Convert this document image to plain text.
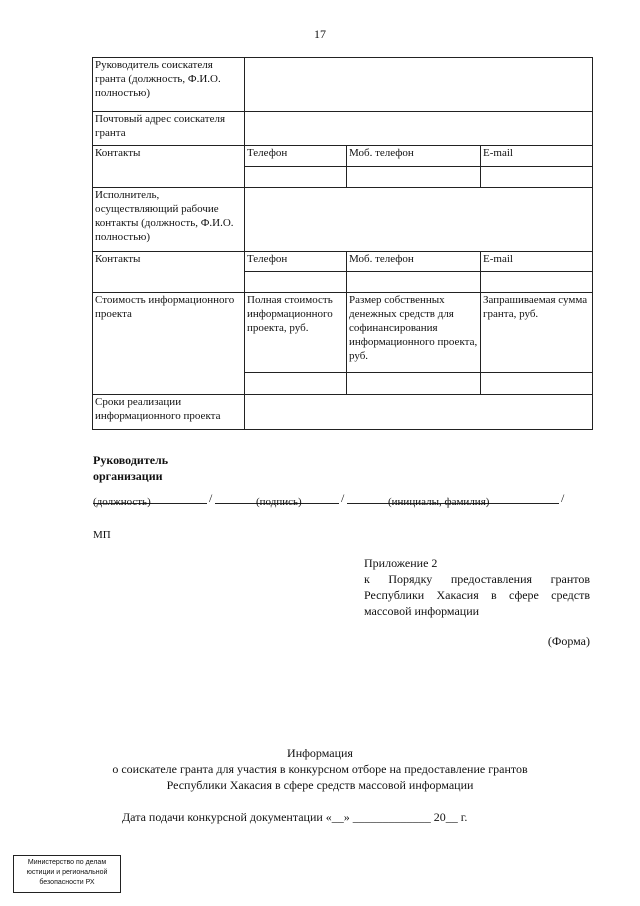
17
Руководитель соискателя гранта (должность, Ф.И.О. полностью)			
Почтовый адрес соискателя гранта			
Контакты	Телефон	Моб. телефон	E-mail

Исполнитель, осуществляющий рабочие контакты (должность, Ф.И.О. полностью)			
Контакты	Телефон	Моб. телефон	E-mail

Стоимость информационного проекта	Полная стоимость информационного проекта, руб.	Размер собственных денежных средств для софинансирования информационного проекта, руб.	Запрашиваемая сумма гранта, руб.

Сроки реализации информационного проекта			
Руководитель
организации
/	/	/
(должность)	(подпись)	(инициалы, фамилия)
МП
Приложение 2
к Порядку предоставления грантов Республики Хакасия в сфере средств массовой информации
(Форма)
Информация
о соискателе гранта для участия в конкурсном отборе на предоставление грантов
Республики Хакасия в сфере средств массовой информации
Дата подачи конкурсной документации «__» _____________ 20__ г.
Министерство по делам
юстиции и региональной
безопасности РХ
